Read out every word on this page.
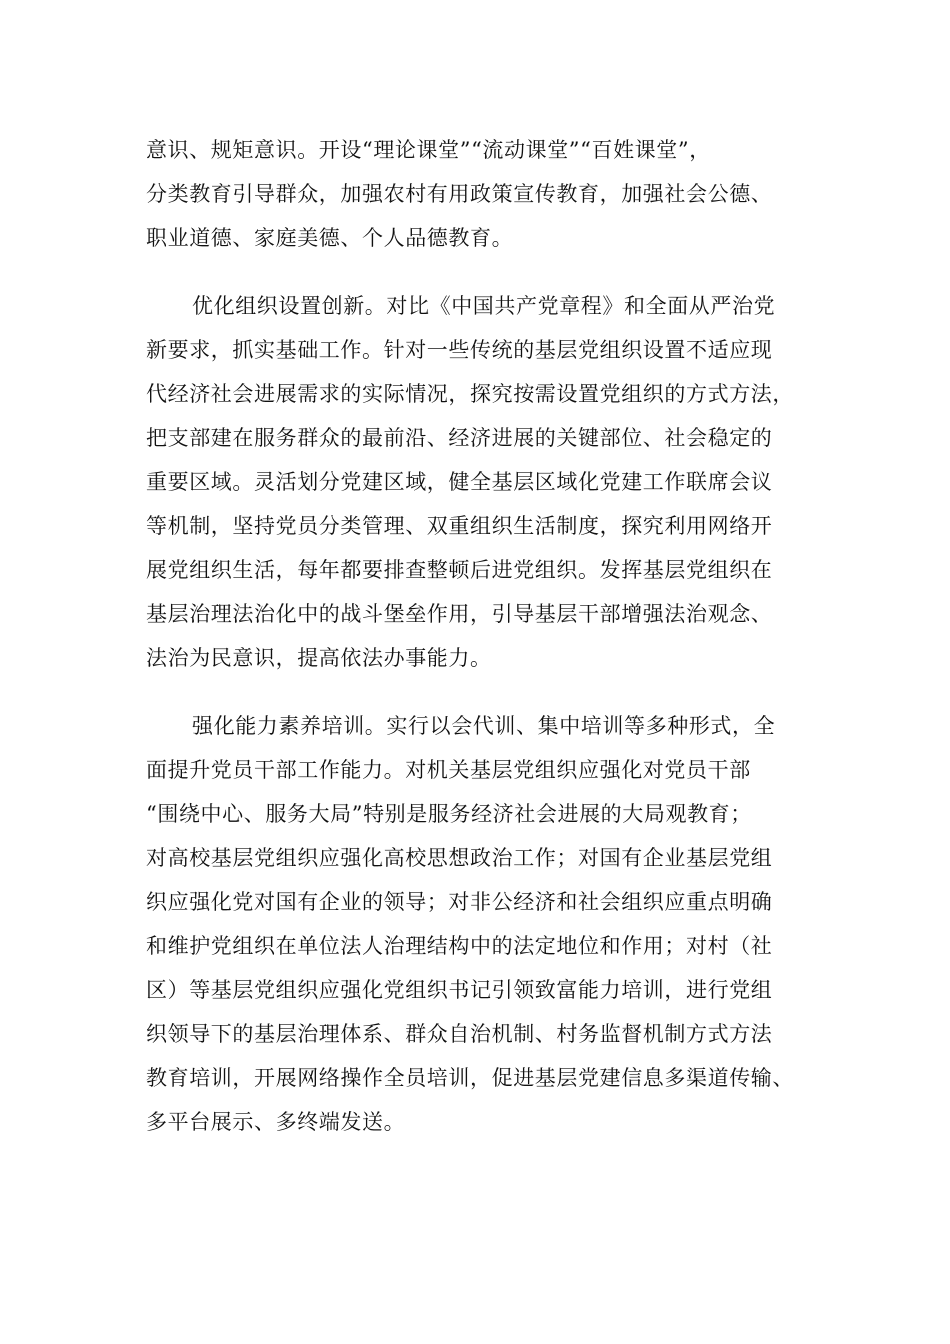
意识、规矩意识。开设“理论课堂”“流动课堂”“百姓课堂”，
分类教育引导群众，加强农村有用政策宣传教育，加强社会公德、
职业道德、家庭美德、个人品德教育。
优化组织设置创新。对比《中国共产党章程》和全面从严治党
新要求，抓实基础工作。针对一些传统的基层党组织设置不适应现
代经济社会进展需求的实际情况，探究按需设置党组织的方式方法，
把支部建在服务群众的最前沿、经济进展的关键部位、社会稳定的
重要区域。灵活划分党建区域，健全基层区域化党建工作联席会议
等机制，坚持党员分类管理、双重组织生活制度，探究利用网络开
展党组织生活，每年都要排查整顿后进党组织。发挥基层党组织在
基层治理法治化中的战斗堡垒作用，引导基层干部增强法治观念、
法治为民意识，提高依法办事能力。
强化能力素养培训。实行以会代训、集中培训等多种形式，全
面提升党员干部工作能力。对机关基层党组织应强化对党员干部
“围绕中心、服务大局”特别是服务经济社会进展的大局观教育；
对高校基层党组织应强化高校思想政治工作；对国有企业基层党组
织应强化党对国有企业的领导；对非公经济和社会组织应重点明确
和维护党组织在单位法人治理结构中的法定地位和作用；对村（社
区）等基层党组织应强化党组织书记引领致富能力培训，进行党组
织领导下的基层治理体系、群众自治机制、村务监督机制方式方法
教育培训，开展网络操作全员培训，促进基层党建信息多渠道传输、
多平台展示、多终端发送。
